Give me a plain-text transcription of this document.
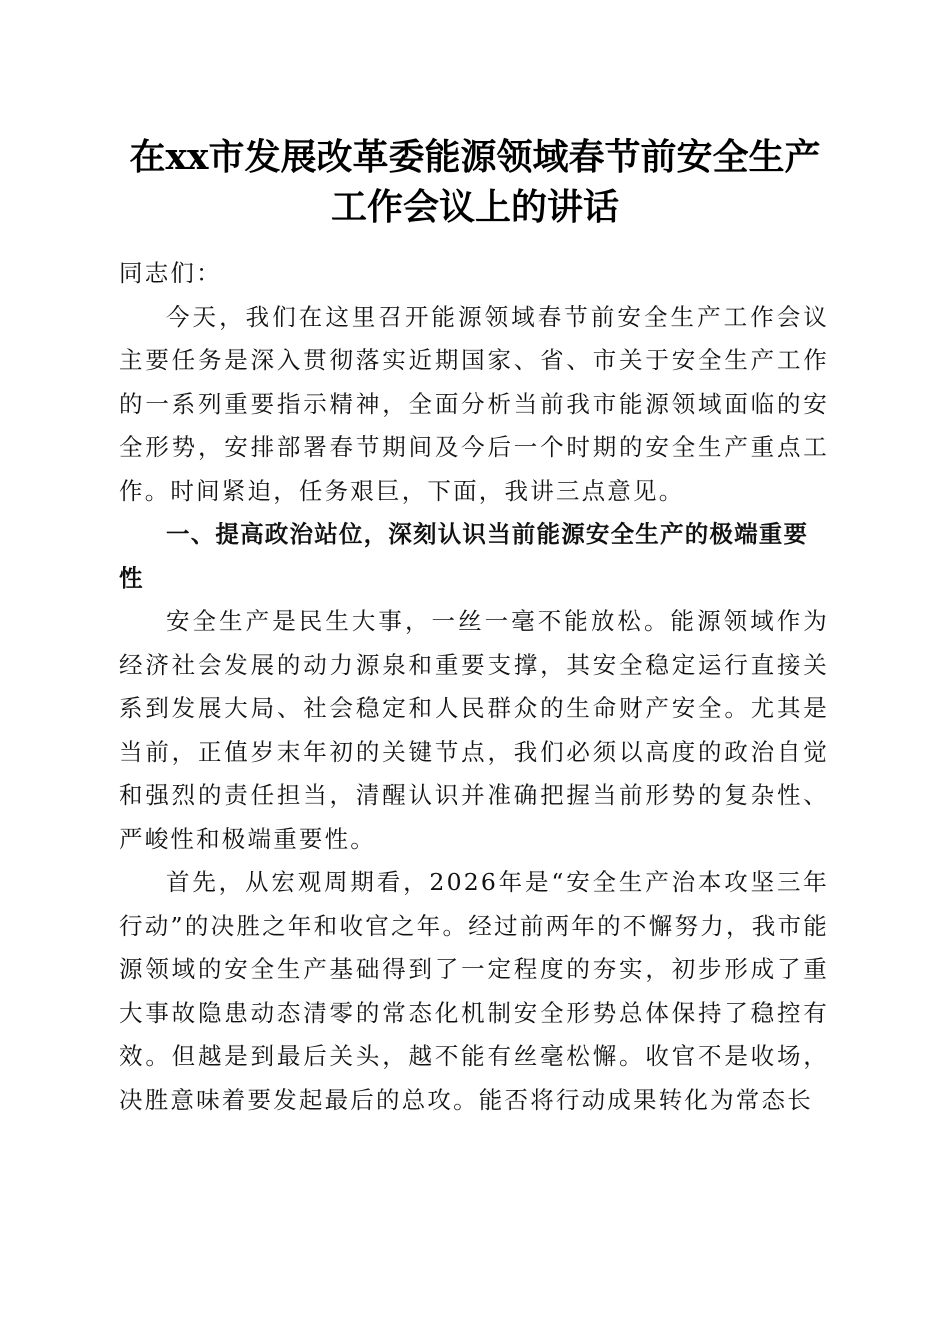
在xx市发展改革委能源领域春节前安全生产
工作会议上的讲话

同志们：

今天，我们在这里召开能源领域春节前安全生产工作会议主要任务是深入贯彻落实近期国家、省、市关于安全生产工作的一系列重要指示精神，全面分析当前我市能源领域面临的安全形势，安排部署春节期间及今后一个时期的安全生产重点工作。时间紧迫，任务艰巨，下面，我讲三点意见。

一、提高政治站位，深刻认识当前能源安全生产的极端重要性

安全生产是民生大事，一丝一毫不能放松。能源领域作为经济社会发展的动力源泉和重要支撑，其安全稳定运行直接关系到发展大局、社会稳定和人民群众的生命财产安全。尤其是当前，正值岁末年初的关键节点，我们必须以高度的政治自觉和强烈的责任担当，清醒认识并准确把握当前形势的复杂性、严峻性和极端重要性。

首先，从宏观周期看，2026年是“安全生产治本攻坚三年行动”的决胜之年和收官之年。经过前两年的不懈努力，我市能源领域的安全生产基础得到了一定程度的夯实，初步形成了重大事故隐患动态清零的常态化机制安全形势总体保持了稳控有效。但越是到最后关头，越不能有丝毫松懈。收官不是收场，决胜意味着要发起最后的总攻。能否将行动成果转化为常态长
